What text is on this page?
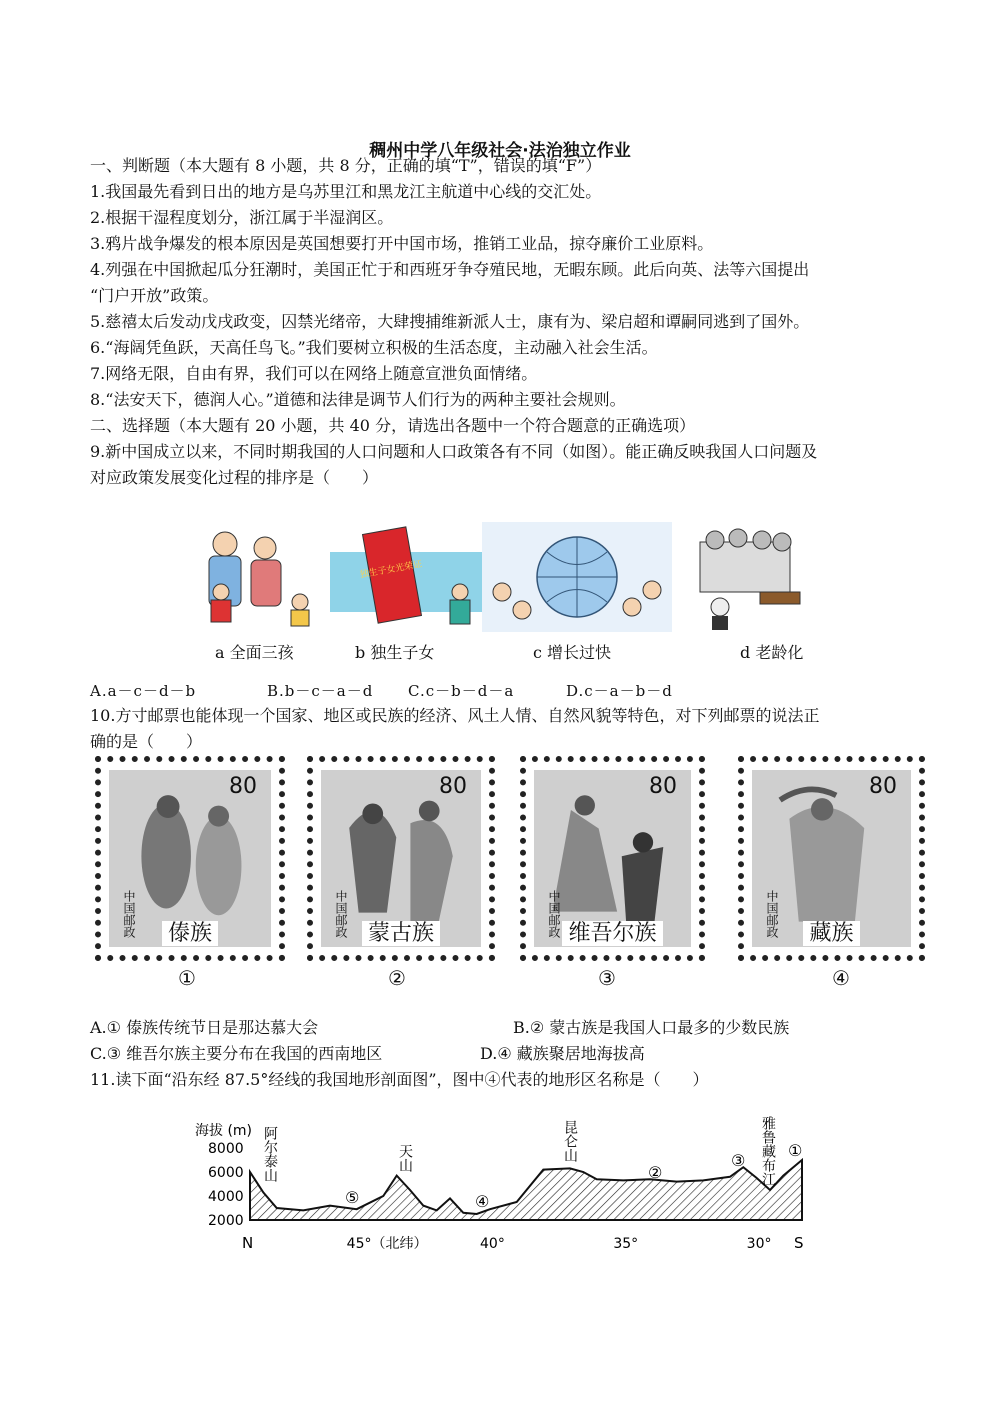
稠州中学八年级社会·法治独立作业
一、判断题（本大题有 8 小题，共 8 分，正确的填“T”，错误的填“F”）
1.我国最先看到日出的地方是乌苏里江和黑龙江主航道中心线的交汇处。
2.根据干湿程度划分，浙江属于半湿润区。
3.鸦片战争爆发的根本原因是英国想要打开中国市场，推销工业品，掠夺廉价工业原料。
4.列强在中国掀起瓜分狂潮时，美国正忙于和西班牙争夺殖民地，无暇东顾。此后向英、法等六国提出
“门户开放”政策。
5.慈禧太后发动戊戌政变，囚禁光绪帝，大肆搜捕维新派人士，康有为、梁启超和谭嗣同逃到了国外。
6.“海阔凭鱼跃，天高任鸟飞。”我们要树立积极的生活态度，主动融入社会生活。
7.网络无限，自由有界，我们可以在网络上随意宣泄负面情绪。
8.“法安天下，德润人心。”道德和法律是调节人们行为的两种主要社会规则。
二、选择题（本大题有 20 小题，共 40 分，请选出各题中一个符合题意的正确选项）
9.新中国成立以来，不同时期我国的人口问题和人口政策各有不同（如图）。能正确反映我国人口问题及
对应政策发展变化过程的排序是（　　）
独生子女光荣证
a 全面三孩	b 独生子女	c 增长过快	d 老龄化
A.a－c－d－b	B.b－c－a－d C.c－b－d－a	D.c－a－b－d
10.方寸邮票也能体现一个国家、地区或民族的经济、风土人情、自然风貌等特色，对下列邮票的说法正
确的是（　　）
80
中国邮政	傣族
80
中国邮政 蒙古族
80
中国邮政 维吾尔族
80
中国邮政	藏族
①	②	③	④
A.① 傣族传统节日是那达慕大会	B.② 蒙古族是我国人口最多的少数民族
C.③ 维吾尔族主要分布在我国的西南地区	D.④ 藏族聚居地海拔高
11.读下面“沿东经 87.5°经线的我国地形剖面图”，图中④代表的地形区名称是（　　）
海拔 (m)
8000
6000
4000
2000
45°（北纬）	40°	35°	30°
N	S
阿尔泰山	天山	昆仑山	雅鲁藏布江
⑤	④
②
③
①
